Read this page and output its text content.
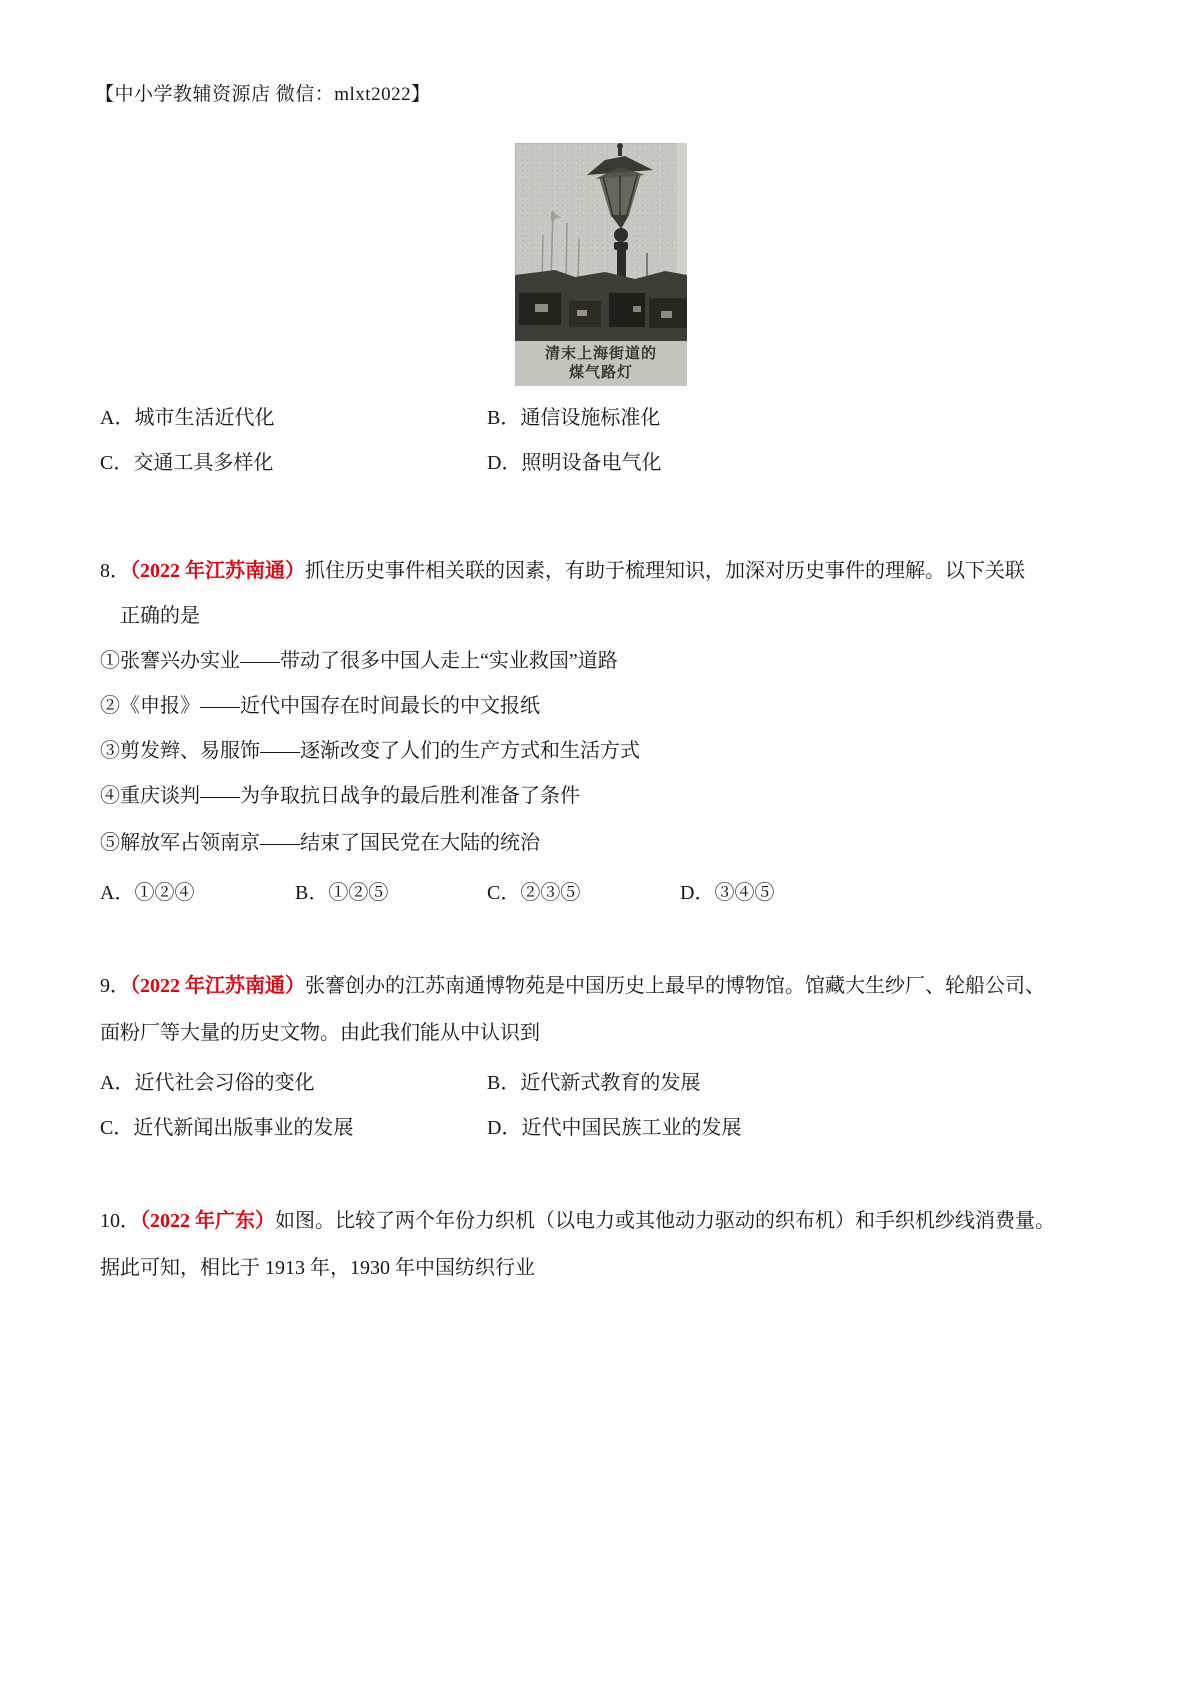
【中小学教辅资源店 微信：mlxt2022】
清末上海街道的
煤气路灯
A．城市生活近代化	B．通信设施标准化
C．交通工具多样化	D．照明设备电气化
8．（2022 年江苏南通）抓住历史事件相关联的因素，有助于梳理知识，加深对历史事件的理解。以下关联
正确的是
①张謇兴办实业——带动了很多中国人走上“实业救国”道路
②《申报》——近代中国存在时间最长的中文报纸
③剪发辫、易服饰——逐渐改变了人们的生产方式和生活方式
④重庆谈判——为争取抗日战争的最后胜利准备了条件
⑤解放军占领南京——结束了国民党在大陆的统治
A．①②④	B．①②⑤	C．②③⑤	D．③④⑤
9．（2022 年江苏南通）张謇创办的江苏南通博物苑是中国历史上最早的博物馆。馆藏大生纱厂、轮船公司、
面粉厂等大量的历史文物。由此我们能从中认识到
A．近代社会习俗的变化	B．近代新式教育的发展
C．近代新闻出版事业的发展	D．近代中国民族工业的发展
10．（2022 年广东）如图。比较了两个年份力织机（以电力或其他动力驱动的织布机）和手织机纱线消费量。
据此可知，相比于 1913 年，1930 年中国纺织行业
